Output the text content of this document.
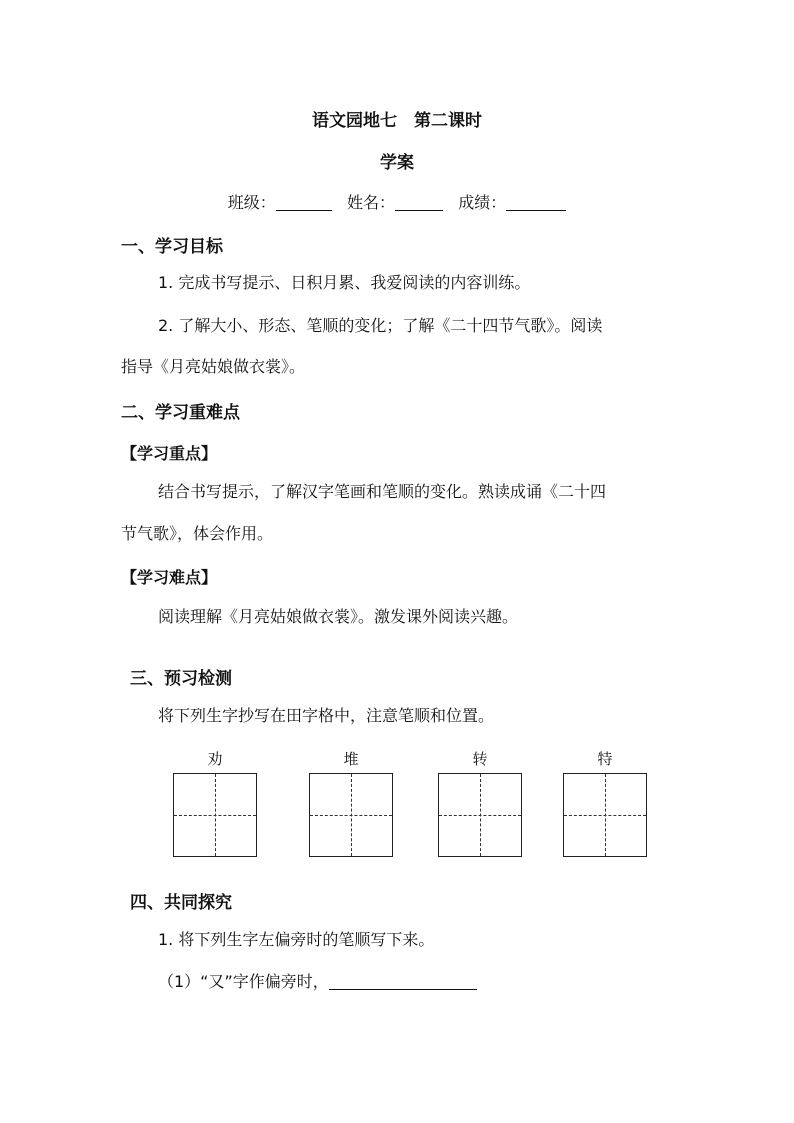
语文园地七　第二课时
学案
班级：	姓名：	成绩：
一、学习目标
1. 完成书写提示、日积月累、我爱阅读的内容训练。
2. 了解大小、形态、笔顺的变化；了解《二十四节气歌》。阅读
指导《月亮姑娘做衣裳》。
二、学习重难点
【学习重点】
结合书写提示，了解汉字笔画和笔顺的变化。熟读成诵《二十四
节气歌》，体会作用。
【学习难点】
阅读理解《月亮姑娘做衣裳》。激发课外阅读兴趣。
三、预习检测
将下列生字抄写在田字格中，注意笔顺和位置。
劝	堆	转	特
四、共同探究
1. 将下列生字左偏旁时的笔顺写下来。
（1）“又”字作偏旁时，
